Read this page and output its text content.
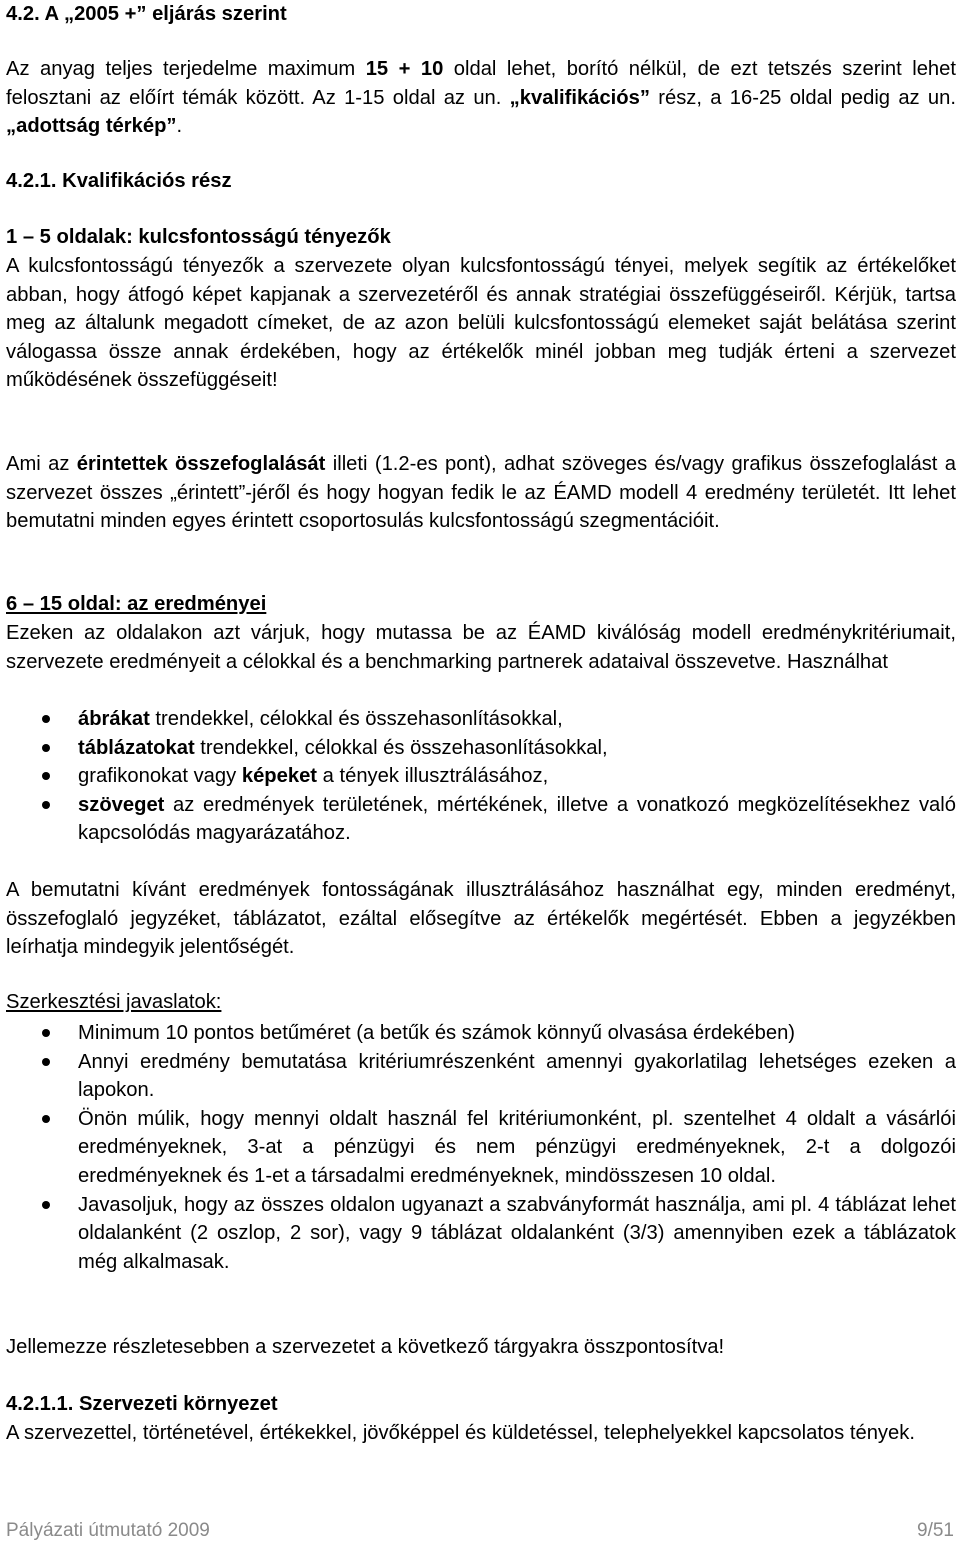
4.2. A „2005 +” eljárás szerint

Az anyag teljes terjedelme maximum 15 + 10 oldal lehet, borító nélkül, de ezt tetszés szerint lehet felosztani az előírt témák között. Az 1-15 oldal az un. „kvalifikációs” rész, a 16-25 oldal pedig az un. „adottság térkép”.

4.2.1. Kvalifikációs rész

1 – 5 oldalak: kulcsfontosságú tényezők

A kulcsfontosságú tényezők a szervezete olyan kulcsfontosságú tényei, melyek segítik az értékelőket abban, hogy átfogó képet kapjanak a szervezetéről és annak stratégiai összefüggéseiről. Kérjük, tartsa meg az általunk megadott címeket, de az azon belüli kulcsfontosságú elemeket saját belátása szerint válogassa össze annak érdekében, hogy az értékelők minél jobban meg tudják érteni a szervezet működésének összefüggéseit!

Ami az érintettek összefoglalását illeti (1.2-es pont), adhat szöveges és/vagy grafikus összefoglalást a szervezet összes „érintett”-jéről és hogy hogyan fedik le az ÉAMD modell 4 eredmény területét. Itt lehet bemutatni minden egyes érintett csoportosulás kulcsfontosságú szegmentációit.

6 – 15 oldal: az eredményei

Ezeken az oldalakon azt várjuk, hogy mutassa be az ÉAMD kiválóság modell eredménykritériumait, szervezete eredményeit a célokkal és a benchmarking partnerek adataival összevetve. Használhat

ábrákat trendekkel, célokkal és összehasonlításokkal,
táblázatokat trendekkel, célokkal és összehasonlításokkal,
grafikonokat vagy képeket a tények illusztrálásához,
szöveget az eredmények területének, mértékének, illetve a vonatkozó megközelítésekhez való kapcsolódás magyarázatához.

A bemutatni kívánt eredmények fontosságának illusztrálásához használhat egy, minden eredményt, összefoglaló jegyzéket, táblázatot, ezáltal elősegítve az értékelők megértését. Ebben a jegyzékben leírhatja mindegyik jelentőségét.

Szerkesztési javaslatok:

Minimum 10 pontos betűméret (a betűk és számok könnyű olvasása érdekében)
Annyi eredmény bemutatása kritériumrészenként amennyi gyakorlatilag lehetséges ezeken a lapokon.
Önön múlik, hogy mennyi oldalt használ fel kritériumonként, pl. szentelhet 4 oldalt a vásárlói eredményeknek, 3-at a pénzügyi és nem pénzügyi eredményeknek, 2-t a dolgozói eredményeknek és 1-et a társadalmi eredményeknek, mindösszesen 10 oldal.
Javasoljuk, hogy az összes oldalon ugyanazt a szabványformát használja, ami pl. 4 táblázat lehet oldalanként (2 oszlop, 2 sor), vagy 9 táblázat oldalanként (3/3) amennyiben ezek a táblázatok még alkalmasak.

Jellemezze részletesebben a szervezetet a következő tárgyakra összpontosítva!

4.2.1.1. Szervezeti környezet

A szervezettel, történetével, értékekkel, jövőképpel és küldetéssel, telephelyekkel kapcsolatos tények.

Pályázati útmutató 2009	9/51
